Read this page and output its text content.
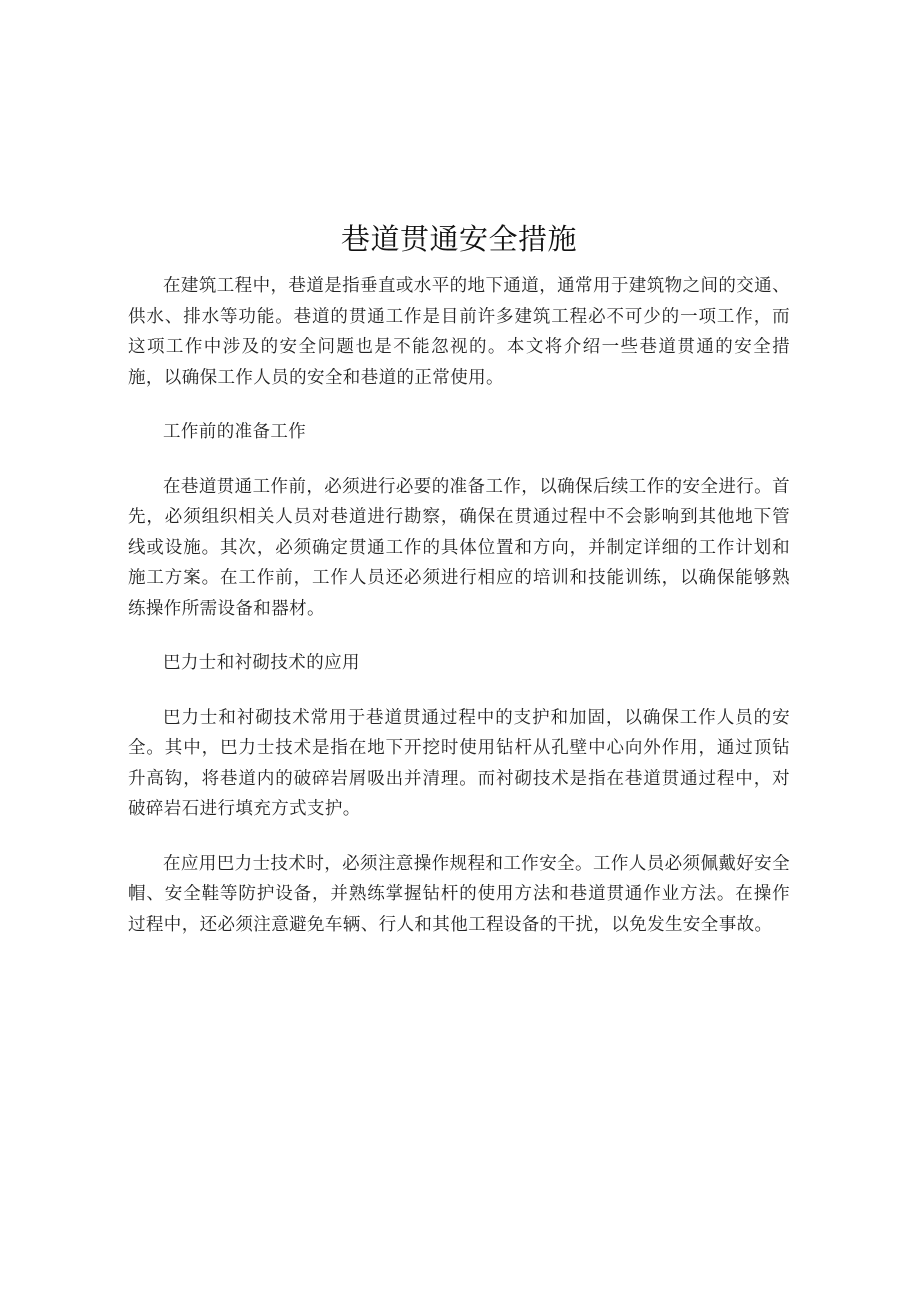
巷道贯通安全措施

在建筑工程中，巷道是指垂直或水平的地下通道，通常用于建筑物之间的交通、供水、排水等功能。巷道的贯通工作是目前许多建筑工程必不可少的一项工作，而这项工作中涉及的安全问题也是不能忽视的。本文将介绍一些巷道贯通的安全措施，以确保工作人员的安全和巷道的正常使用。

工作前的准备工作

在巷道贯通工作前，必须进行必要的准备工作，以确保后续工作的安全进行。首先，必须组织相关人员对巷道进行勘察，确保在贯通过程中不会影响到其他地下管线或设施。其次，必须确定贯通工作的具体位置和方向，并制定详细的工作计划和施工方案。在工作前，工作人员还必须进行相应的培训和技能训练，以确保能够熟练操作所需设备和器材。

巴力士和衬砌技术的应用

巴力士和衬砌技术常用于巷道贯通过程中的支护和加固，以确保工作人员的安全。其中，巴力士技术是指在地下开挖时使用钻杆从孔壁中心向外作用，通过顶钻升高钩，将巷道内的破碎岩屑吸出并清理。而衬砌技术是指在巷道贯通过程中，对破碎岩石进行填充方式支护。

在应用巴力士技术时，必须注意操作规程和工作安全。工作人员必须佩戴好安全帽、安全鞋等防护设备，并熟练掌握钻杆的使用方法和巷道贯通作业方法。在操作过程中，还必须注意避免车辆、行人和其他工程设备的干扰，以免发生安全事故。
